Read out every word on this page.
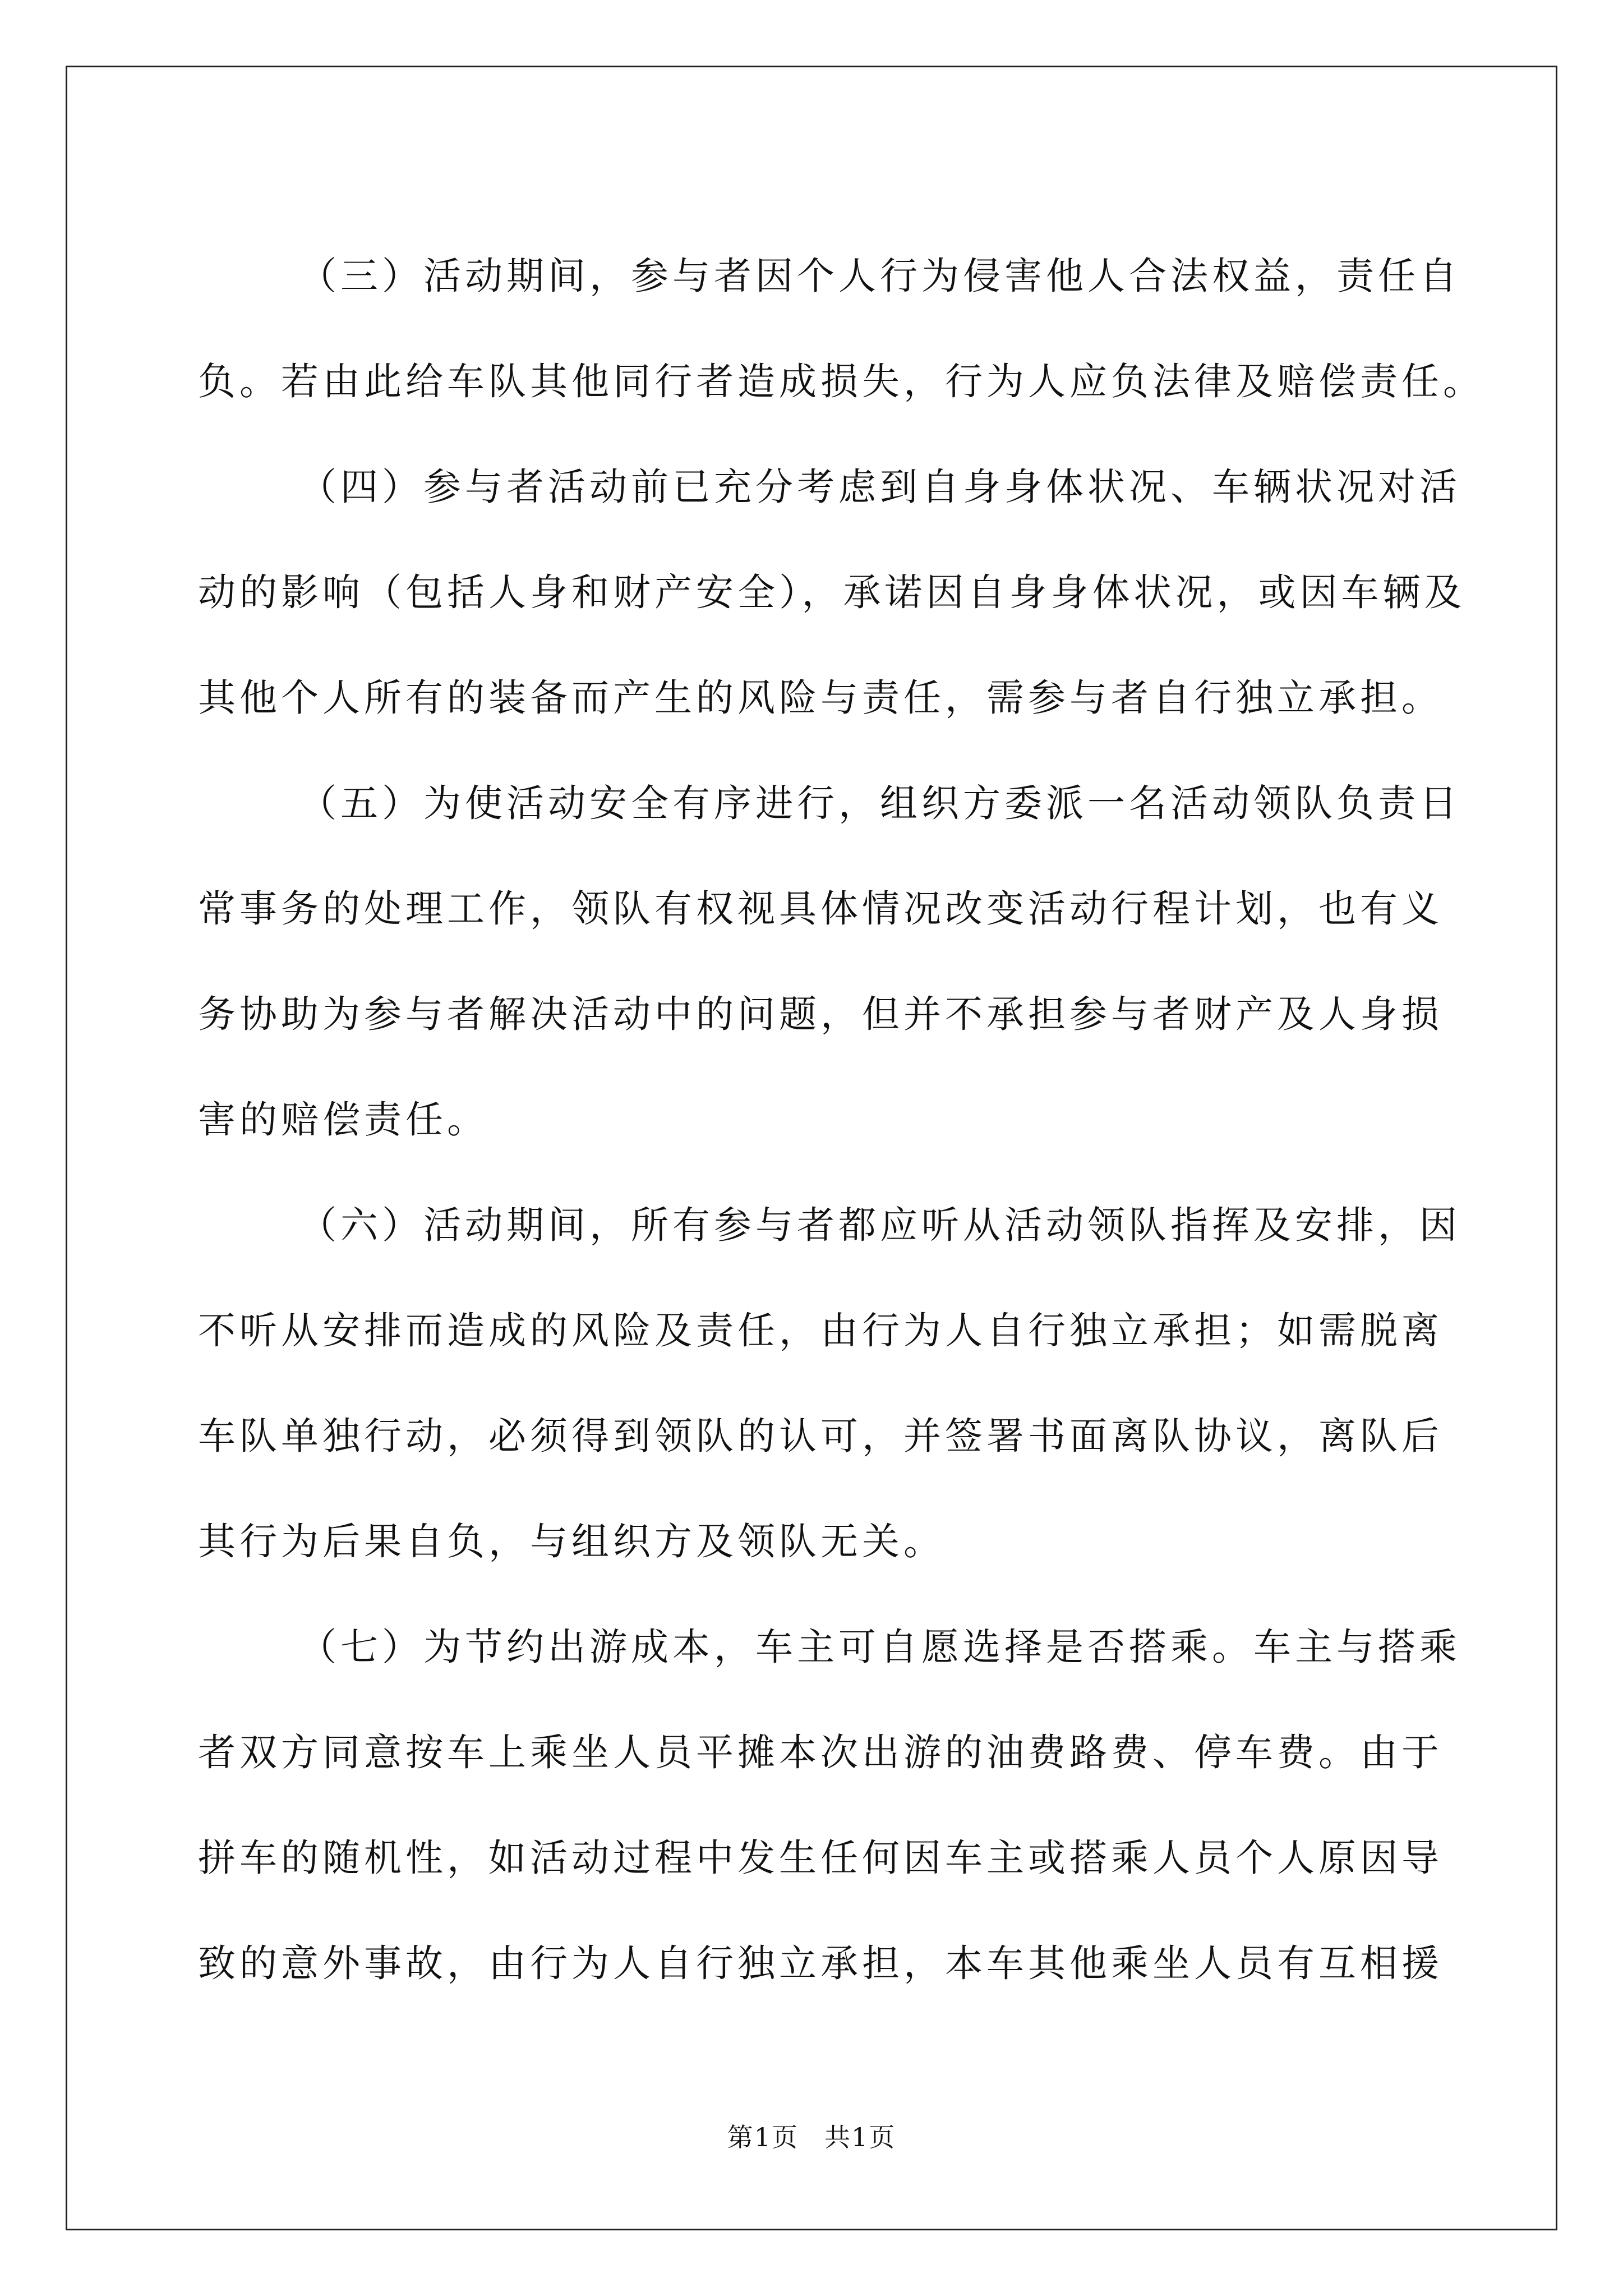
（三）活动期间，参与者因个人行为侵害他人合法权益，责任自
负。若由此给车队其他同行者造成损失，行为人应负法律及赔偿责任。

（四）参与者活动前已充分考虑到自身身体状况、车辆状况对活
动的影响（包括人身和财产安全），承诺因自身身体状况，或因车辆及
其他个人所有的装备而产生的风险与责任，需参与者自行独立承担。

（五）为使活动安全有序进行，组织方委派一名活动领队负责日
常事务的处理工作，领队有权视具体情况改变活动行程计划，也有义
务协助为参与者解决活动中的问题，但并不承担参与者财产及人身损
害的赔偿责任。

（六）活动期间，所有参与者都应听从活动领队指挥及安排，因
不听从安排而造成的风险及责任，由行为人自行独立承担；如需脱离
车队单独行动，必须得到领队的认可，并签署书面离队协议，离队后
其行为后果自负，与组织方及领队无关。

（七）为节约出游成本，车主可自愿选择是否搭乘。车主与搭乘
者双方同意按车上乘坐人员平摊本次出游的油费路费、停车费。由于
拼车的随机性，如活动过程中发生任何因车主或搭乘人员个人原因导
致的意外事故，由行为人自行独立承担，本车其他乘坐人员有互相援

第1页 共1页
